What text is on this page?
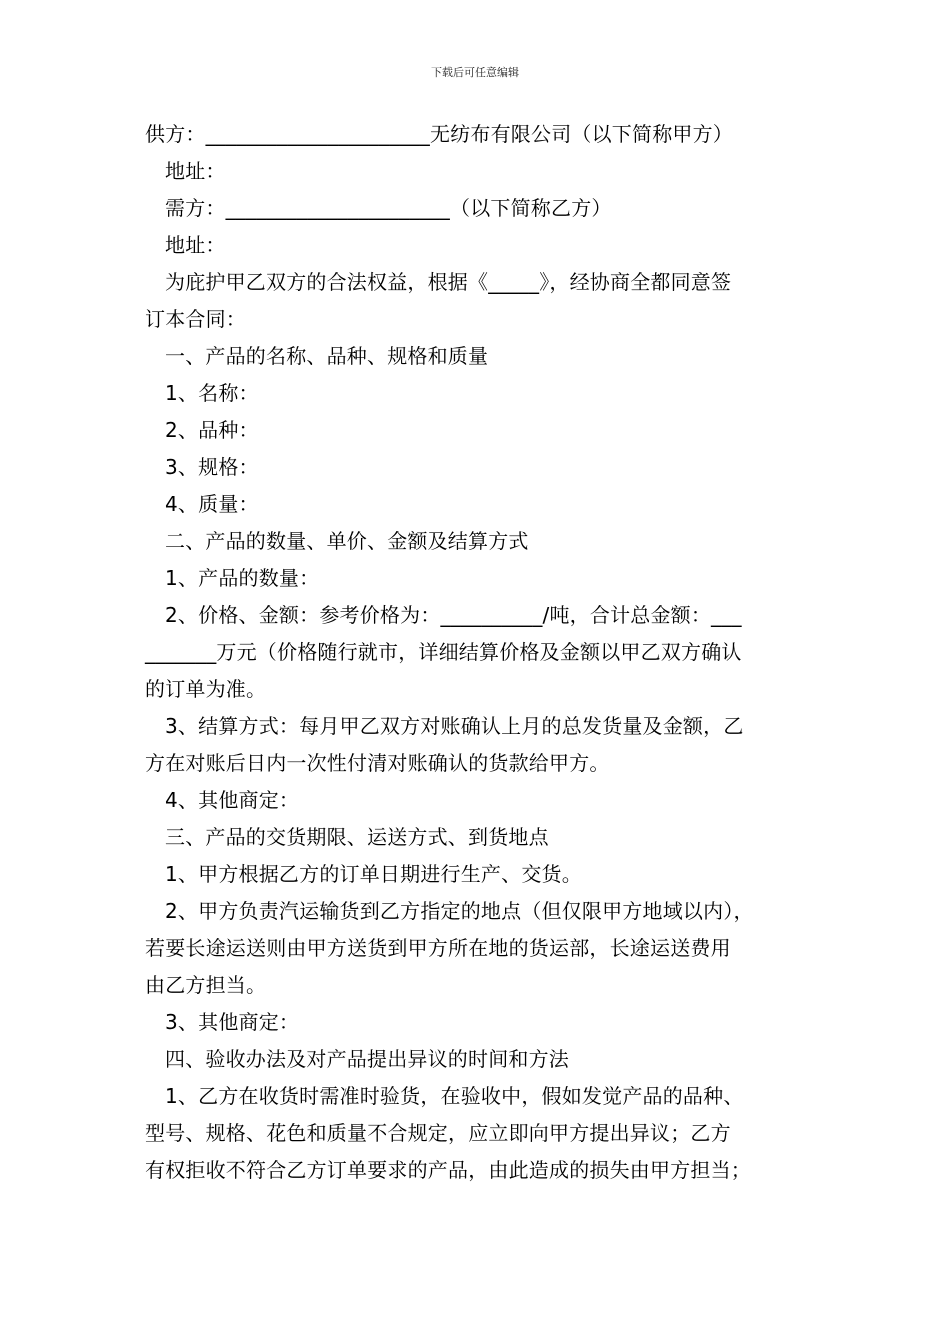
下载后可任意编辑
供方：______________________无纺布有限公司（以下简称甲方）
地址：
需方：______________________（以下简称乙方）
地址：
为庇护甲乙双方的合法权益，根据《_____》，经协商全都同意签
订本合同：
一、产品的名称、品种、规格和质量
1、名称：
2、品种：
3、规格：
4、质量：
二、产品的数量、单价、金额及结算方式
1、产品的数量：
2、价格、金额：参考价格为：__________/吨，合计总金额：___
_______万元（价格随行就市，详细结算价格及金额以甲乙双方确认
的订单为准。
3、结算方式：每月甲乙双方对账确认上月的总发货量及金额，乙
方在对账后日内一次性付清对账确认的货款给甲方。
4、其他商定：
三、产品的交货期限、运送方式、到货地点
1、甲方根据乙方的订单日期进行生产、交货。
2、甲方负责汽运输货到乙方指定的地点（但仅限甲方地域以内），
若要长途运送则由甲方送货到甲方所在地的货运部，长途运送费用
由乙方担当。
3、其他商定：
四、验收办法及对产品提出异议的时间和方法
1、乙方在收货时需准时验货，在验收中，假如发觉产品的品种、
型号、规格、花色和质量不合规定，应立即向甲方提出异议；乙方
有权拒收不符合乙方订单要求的产品，由此造成的损失由甲方担当；
